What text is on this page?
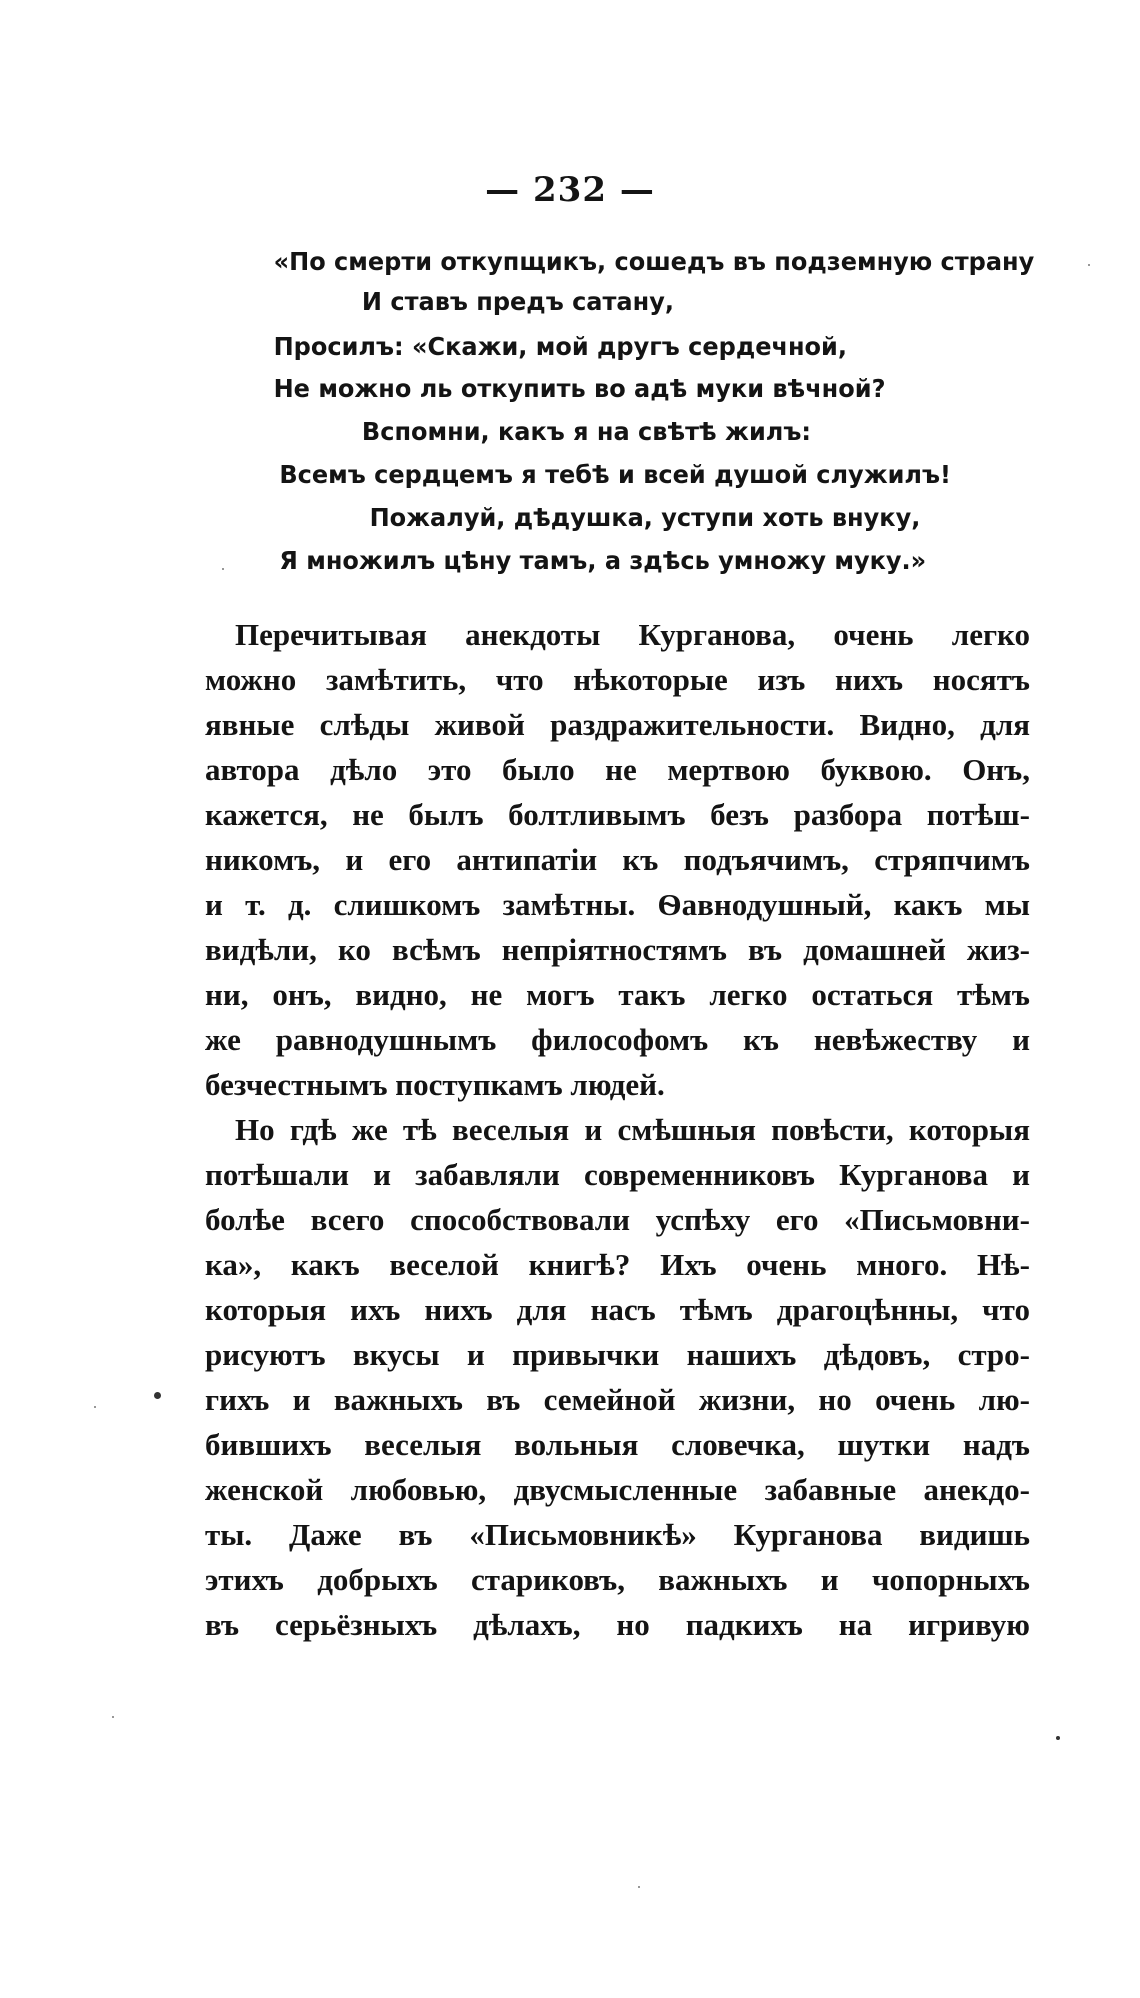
— 232 —
«По смерти откупщикъ, сошедъ въ подземную страну
И ставъ предъ сатану,
Просилъ: «Скажи, мой другъ сердечной,
Не можно ль откупить во адѣ муки вѣчной?
Вспомни, какъ я на свѣтѣ жилъ:
Всемъ сердцемъ я тебѣ и всей душой служилъ!
Пожалуй, дѣдушка, уступи хоть внуку,
Я множилъ цѣну тамъ, а здѣсь умножу муку.»
Перечитывая анекдоты Курганова, очень легко
можно замѣтить, что нѣкоторые изъ нихъ носятъ
явные слѣды живой раздражительности. Видно, для
автора дѣло это было не мертвою буквою. Онъ,
кажется, не былъ болтливымъ безъ разбора потѣш-
никомъ, и его антипатіи къ подъячимъ, стряпчимъ
и т. д. слишкомъ замѣтны. Ѳавнодушный, какъ мы
видѣли, ко всѣмъ непріятностямъ въ домашней жиз-
ни, онъ, видно, не могъ такъ легко остаться тѣмъ
же равнодушнымъ философомъ къ невѣжеству и
безчестнымъ поступкамъ людей.
Но гдѣ же тѣ веселыя и смѣшныя повѣсти, которыя
потѣшали и забавляли современниковъ Курганова и
болѣе всего способствовали успѣху его «Письмовни-
ка», какъ веселой книгѣ? Ихъ очень много. Нѣ-
которыя ихъ нихъ для насъ тѣмъ драгоцѣнны, что
рисуютъ вкусы и привычки нашихъ дѣдовъ, стро-
гихъ и важныхъ въ семейной жизни, но очень лю-
бившихъ веселыя вольныя словечка, шутки надъ
женской любовью, двусмысленные забавные анекдо-
ты. Даже въ «Письмовникѣ» Курганова видишь
этихъ добрыхъ стариковъ, важныхъ и чопорныхъ
въ серьёзныхъ дѣлахъ, но падкихъ на игривую
